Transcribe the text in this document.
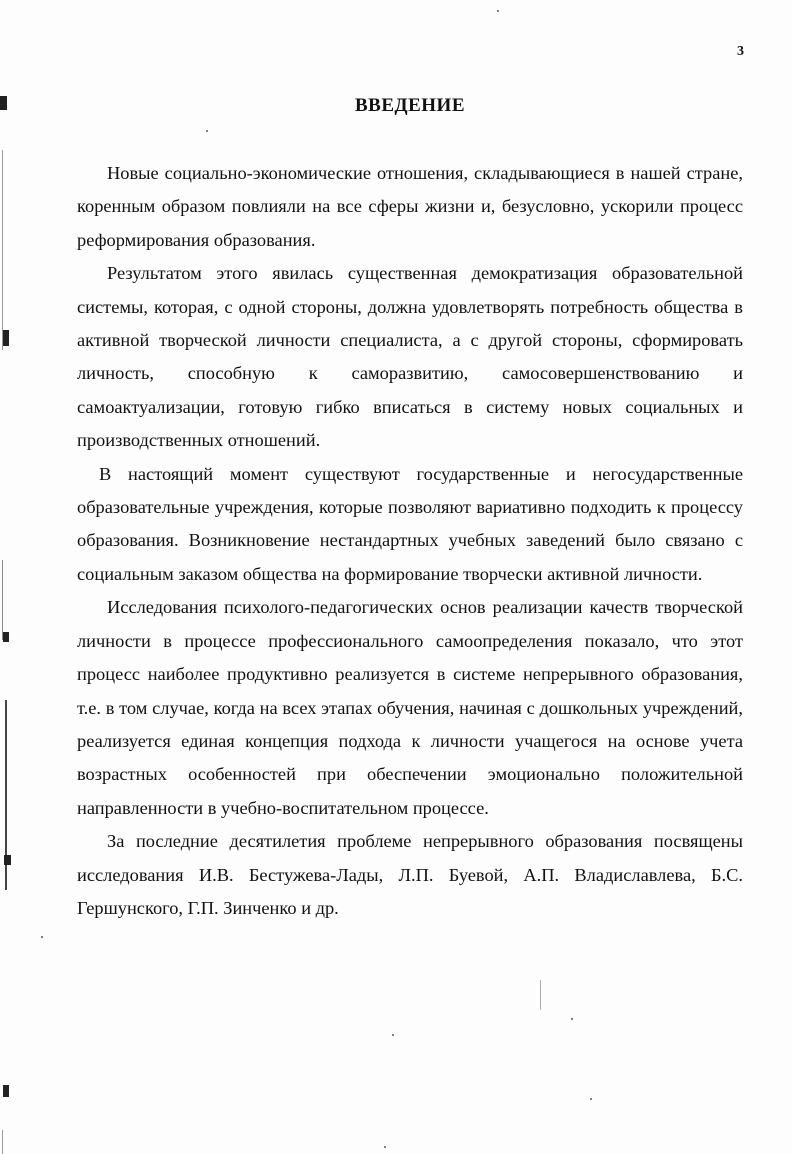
3
ВВЕДЕНИЕ

Новые социально-экономические отношения, складывающиеся в нашей стране, коренным образом повлияли на все сферы жизни и, безусловно, ускорили процесс реформирования образования.

Результатом этого явилась существенная демократизация образовательной системы, которая, с одной стороны, должна удовлетворять потребность общества в активной творческой личности специалиста, а с другой стороны, сформировать личность, способную к саморазвитию, самосовершенствованию и самоактуализации, готовую гибко вписаться в систему новых социальных и производственных отношений.

В настоящий момент существуют государственные и негосударственные образовательные учреждения, которые позволяют вариативно подходить к процессу образования. Возникновение нестандартных учебных заведений было связано с социальным заказом общества на формирование творчески активной личности.

Исследования психолого-педагогических основ реализации качеств творческой личности в процессе профессионального самоопределения показало, что этот процесс наиболее продуктивно реализуется в системе непрерывного образования, т.е. в том случае, когда на всех этапах обучения, начиная с дошкольных учреждений, реализуется единая концепция подхода к личности учащегося на основе учета возрастных особенностей при обеспечении эмоционально положительной направленности в учебно-воспитательном процессе.

За последние десятилетия проблеме непрерывного образования посвящены исследования И.В. Бестужева-Лады, Л.П. Буевой, А.П. Владиславлева, Б.С. Гершунского, Г.П. Зинченко и др.
